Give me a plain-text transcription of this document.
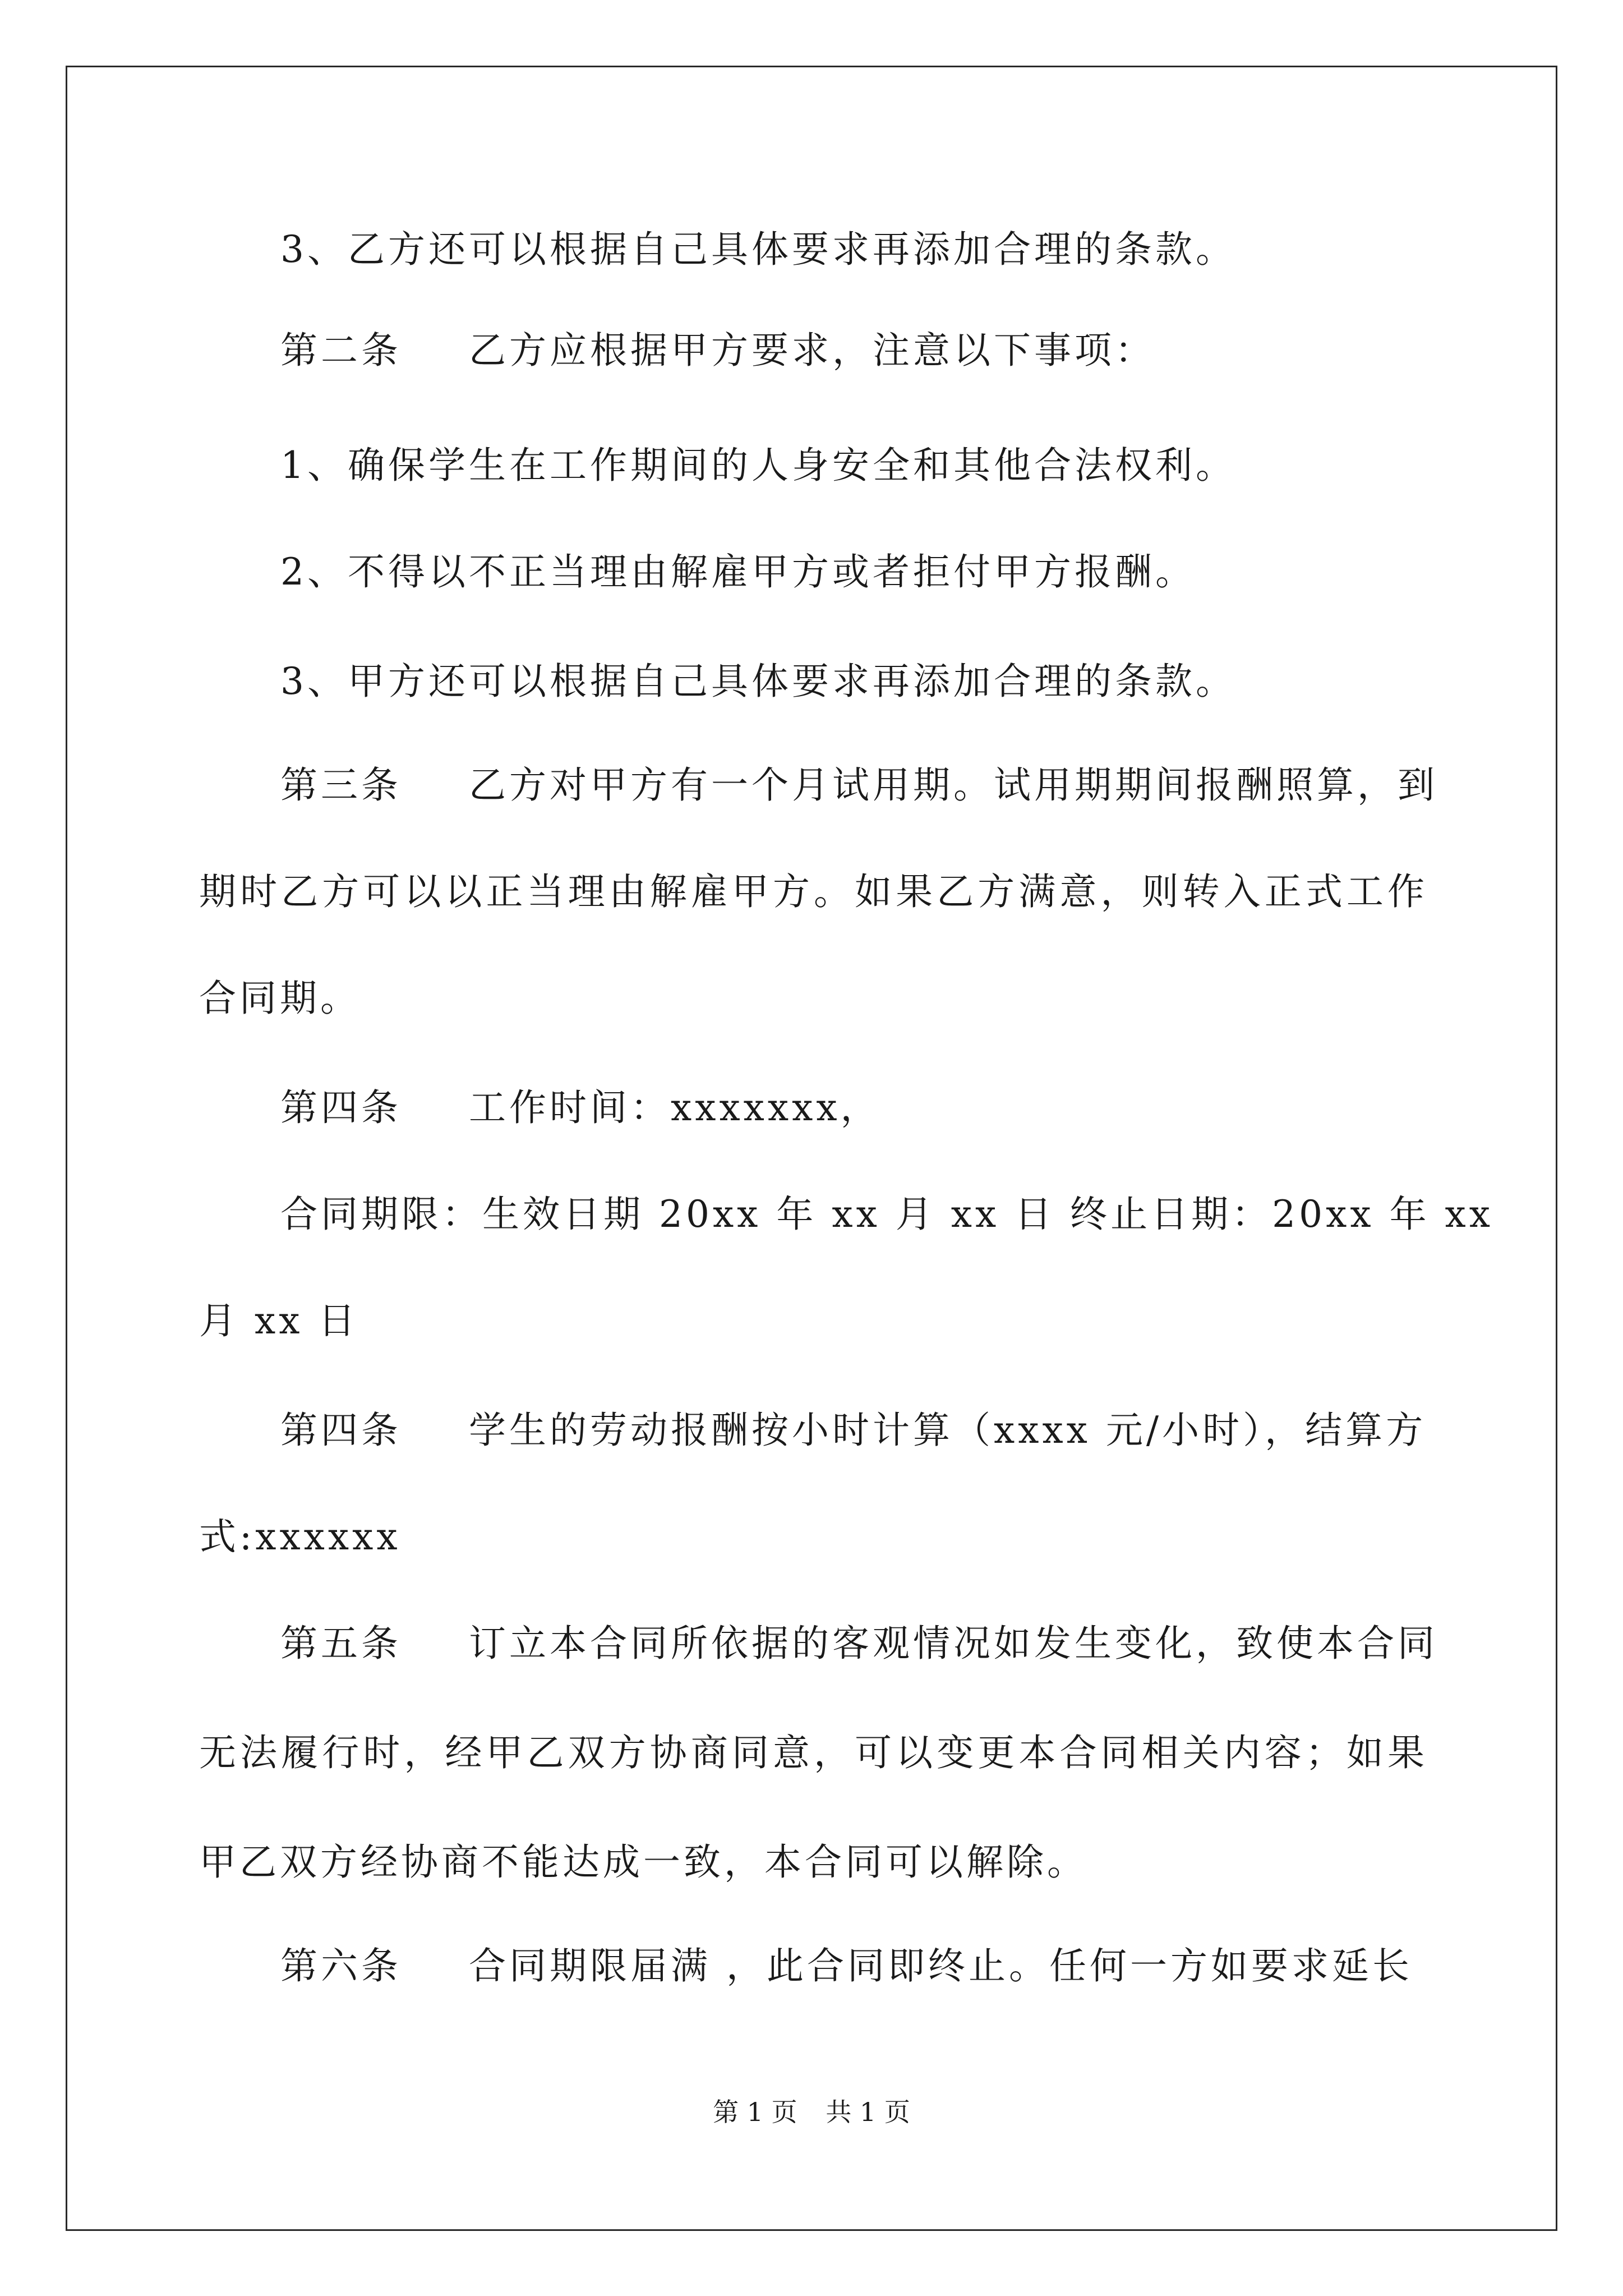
3、乙方还可以根据自己具体要求再添加合理的条款。
第二条 乙方应根据甲方要求，注意以下事项：
1、确保学生在工作期间的人身安全和其他合法权利。
2、不得以不正当理由解雇甲方或者拒付甲方报酬。
3、甲方还可以根据自己具体要求再添加合理的条款。
第三条 乙方对甲方有一个月试用期。试用期期间报酬照算，到
期时乙方可以以正当理由解雇甲方。如果乙方满意，则转入正式工作
合同期。
第四条 工作时间：xxxxxxx，
合同期限：生效日期 20xx 年 xx 月 xx 日 终止日期：20xx 年 xx
月 xx 日
第四条 学生的劳动报酬按小时计算（xxxx 元/小时），结算方
式:xxxxxx
第五条 订立本合同所依据的客观情况如发生变化，致使本合同
无法履行时，经甲乙双方协商同意，可以变更本合同相关内容；如果
甲乙双方经协商不能达成一致，本合同可以解除。
第六条 合同期限届满 ，此合同即终止。任何一方如要求延长
第 1 页 共 1 页
